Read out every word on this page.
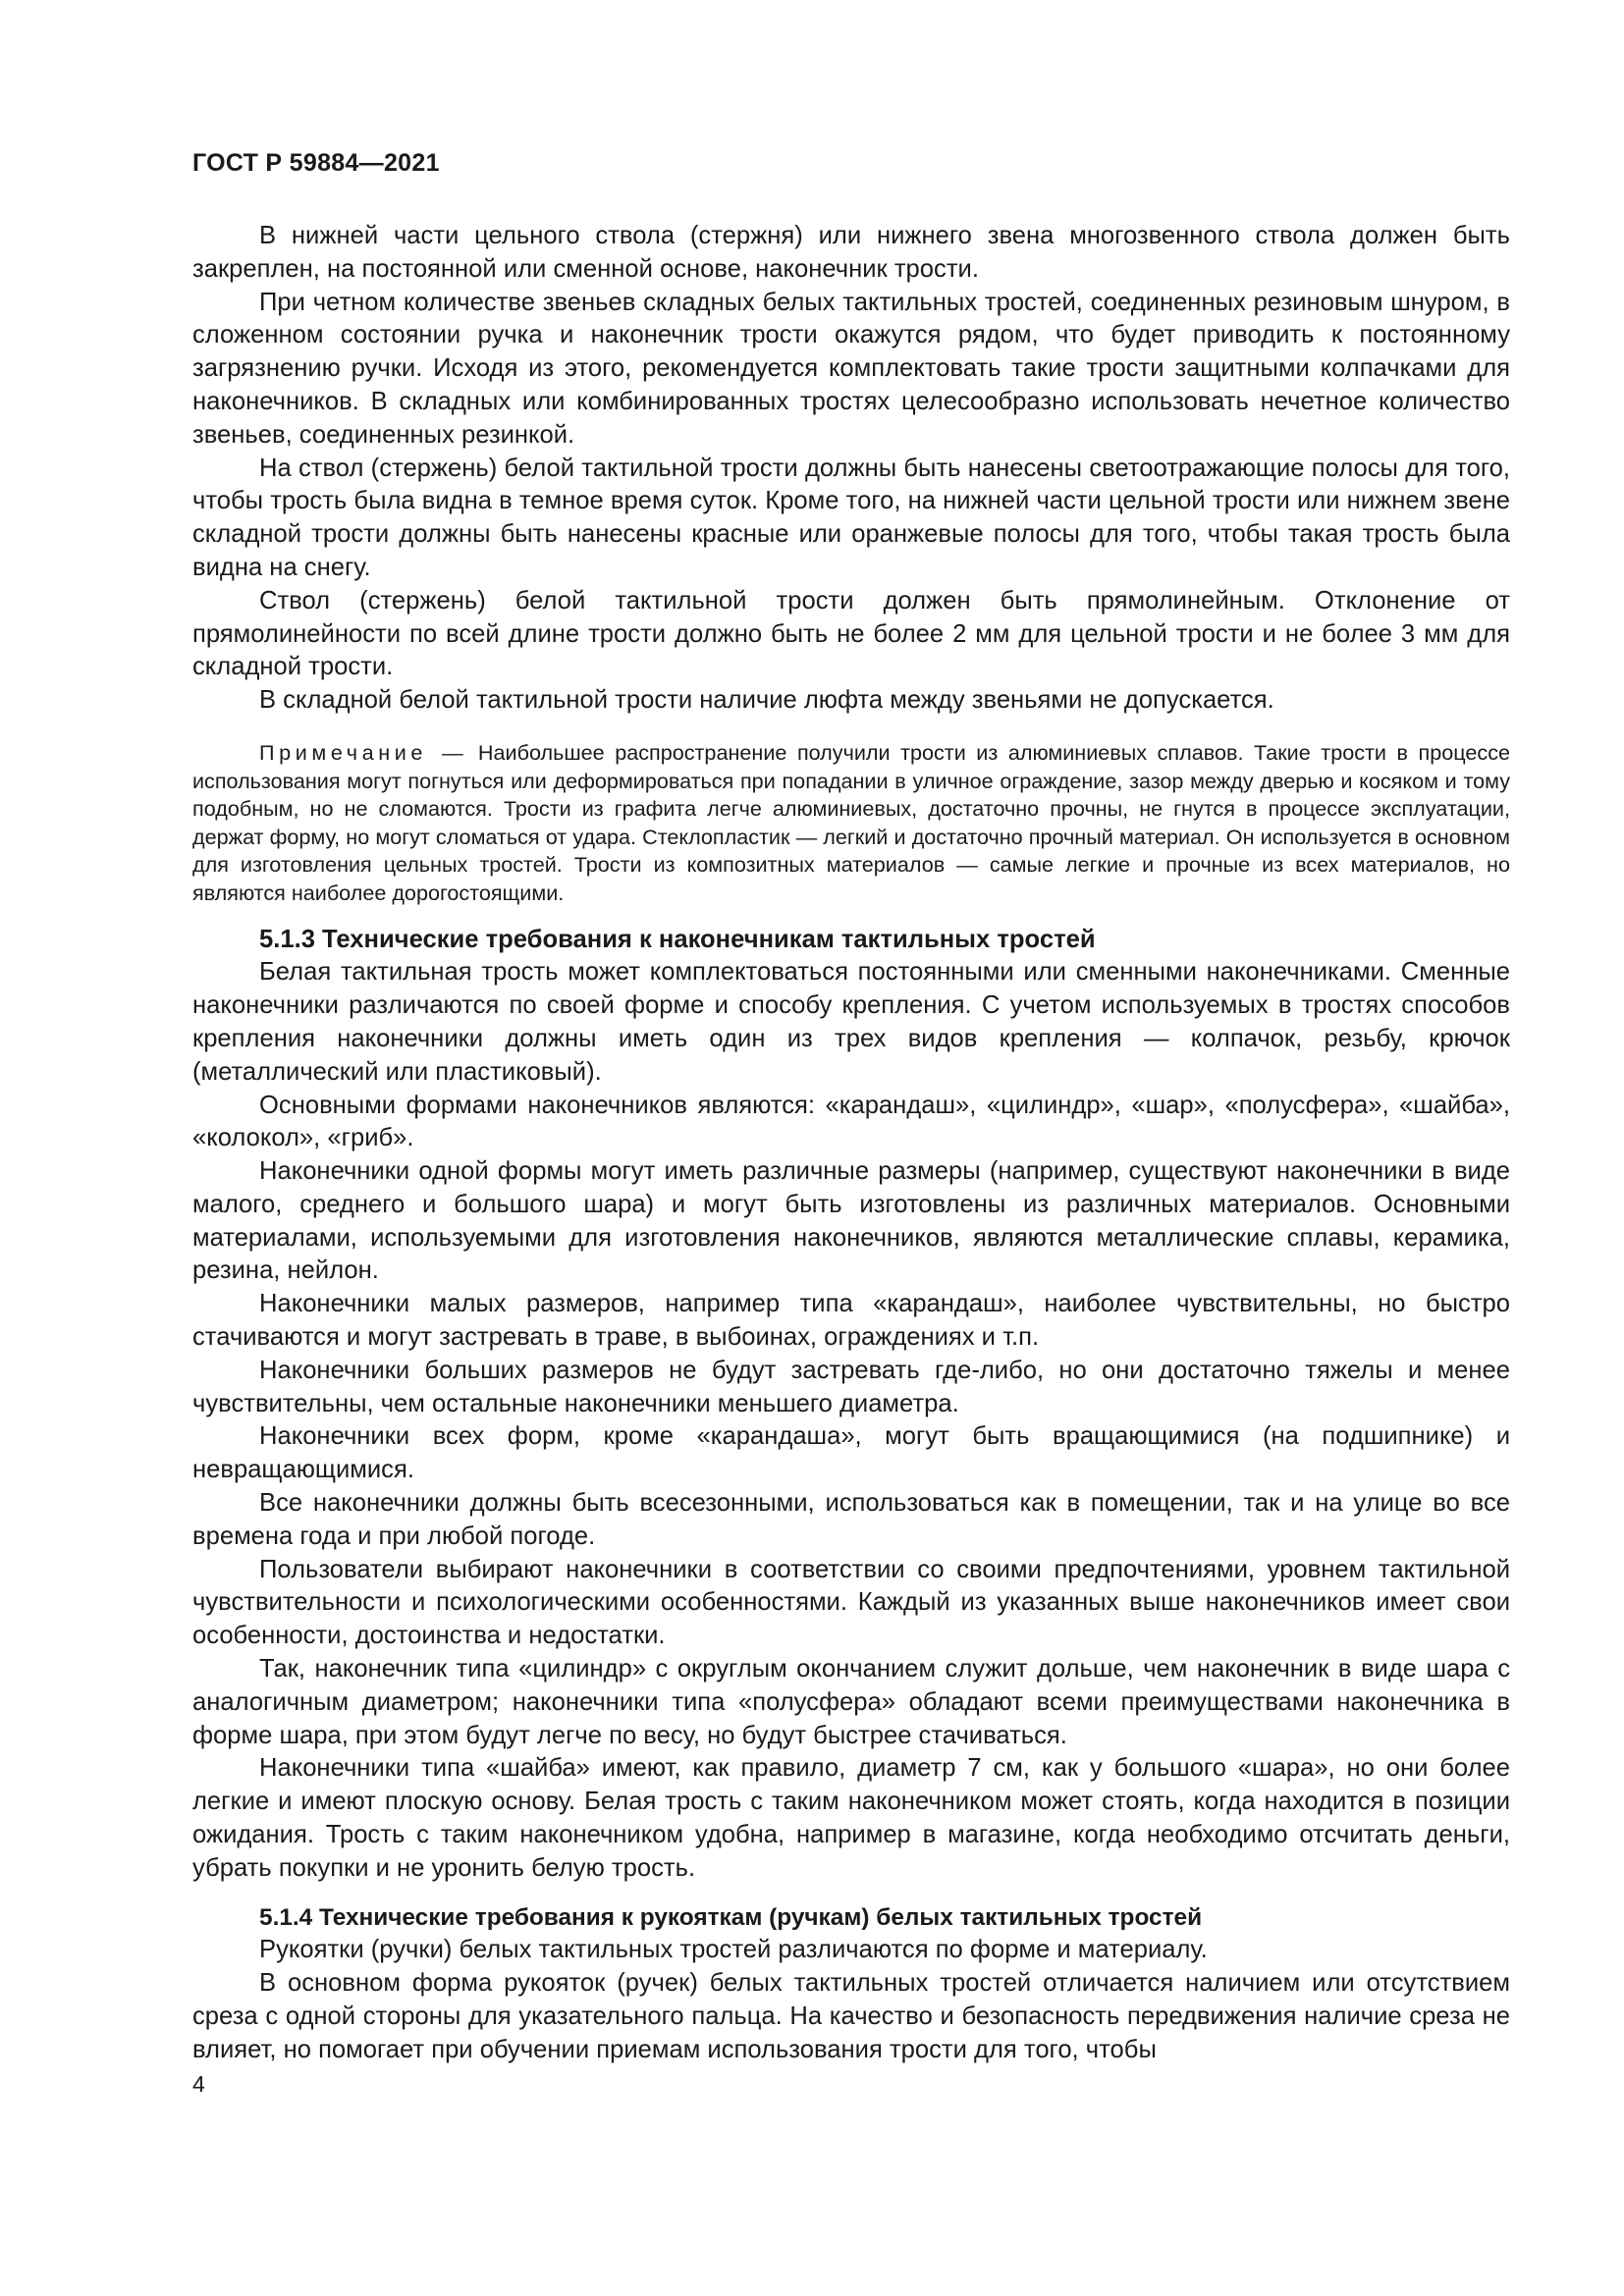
ГОСТ Р 59884—2021

В нижней части цельного ствола (стержня) или нижнего звена многозвенного ствола должен быть закреплен, на постоянной или сменной основе, наконечник трости.

При четном количестве звеньев складных белых тактильных тростей, соединенных резиновым шнуром, в сложенном состоянии ручка и наконечник трости окажутся рядом, что будет приводить к постоянному загрязнению ручки. Исходя из этого, рекомендуется комплектовать такие трости защитными колпачками для наконечников. В складных или комбинированных тростях целесообразно использовать нечетное количество звеньев, соединенных резинкой.

На ствол (стержень) белой тактильной трости должны быть нанесены светоотражающие полосы для того, чтобы трость была видна в темное время суток. Кроме того, на нижней части цельной трости или нижнем звене складной трости должны быть нанесены красные или оранжевые полосы для того, чтобы такая трость была видна на снегу.

Ствол (стержень) белой тактильной трости должен быть прямолинейным. Отклонение от прямолинейности по всей длине трости должно быть не более 2 мм для цельной трости и не более 3 мм для складной трости.

В складной белой тактильной трости наличие люфта между звеньями не допускается.

Примечание — Наибольшее распространение получили трости из алюминиевых сплавов. Такие трости в процессе использования могут погнуться или деформироваться при попадании в уличное ограждение, зазор между дверью и косяком и тому подобным, но не сломаются. Трости из графита легче алюминиевых, достаточно прочны, не гнутся в процессе эксплуатации, держат форму, но могут сломаться от удара. Стеклопластик — легкий и достаточно прочный материал. Он используется в основном для изготовления цельных тростей. Трости из композитных материалов — самые легкие и прочные из всех материалов, но являются наиболее дорогостоящими.

5.1.3 Технические требования к наконечникам тактильных тростей

Белая тактильная трость может комплектоваться постоянными или сменными наконечниками. Сменные наконечники различаются по своей форме и способу крепления. С учетом используемых в тростях способов крепления наконечники должны иметь один из трех видов крепления — колпачок, резьбу, крючок (металлический или пластиковый).

Основными формами наконечников являются: «карандаш», «цилиндр», «шар», «полусфера», «шайба», «колокол», «гриб».

Наконечники одной формы могут иметь различные размеры (например, существуют наконечники в виде малого, среднего и большого шара) и могут быть изготовлены из различных материалов. Основными материалами, используемыми для изготовления наконечников, являются металлические сплавы, керамика, резина, нейлон.

Наконечники малых размеров, например типа «карандаш», наиболее чувствительны, но быстро стачиваются и могут застревать в траве, в выбоинах, ограждениях и т.п.

Наконечники больших размеров не будут застревать где-либо, но они достаточно тяжелы и менее чувствительны, чем остальные наконечники меньшего диаметра.

Наконечники всех форм, кроме «карандаша», могут быть вращающимися (на подшипнике) и невращающимися.

Все наконечники должны быть всесезонными, использоваться как в помещении, так и на улице во все времена года и при любой погоде.

Пользователи выбирают наконечники в соответствии со своими предпочтениями, уровнем тактильной чувствительности и психологическими особенностями. Каждый из указанных выше наконечников имеет свои особенности, достоинства и недостатки.

Так, наконечник типа «цилиндр» с округлым окончанием служит дольше, чем наконечник в виде шара с аналогичным диаметром; наконечники типа «полусфера» обладают всеми преимуществами наконечника в форме шара, при этом будут легче по весу, но будут быстрее стачиваться.

Наконечники типа «шайба» имеют, как правило, диаметр 7 см, как у большого «шара», но они более легкие и имеют плоскую основу. Белая трость с таким наконечником может стоять, когда находится в позиции ожидания. Трость с таким наконечником удобна, например в магазине, когда необходимо отсчитать деньги, убрать покупки и не уронить белую трость.

5.1.4 Технические требования к рукояткам (ручкам) белых тактильных тростей

Рукоятки (ручки) белых тактильных тростей различаются по форме и материалу.

В основном форма рукояток (ручек) белых тактильных тростей отличается наличием или отсутствием среза с одной стороны для указательного пальца. На качество и безопасность передвижения наличие среза не влияет, но помогает при обучении приемам использования трости для того, чтобы

4
